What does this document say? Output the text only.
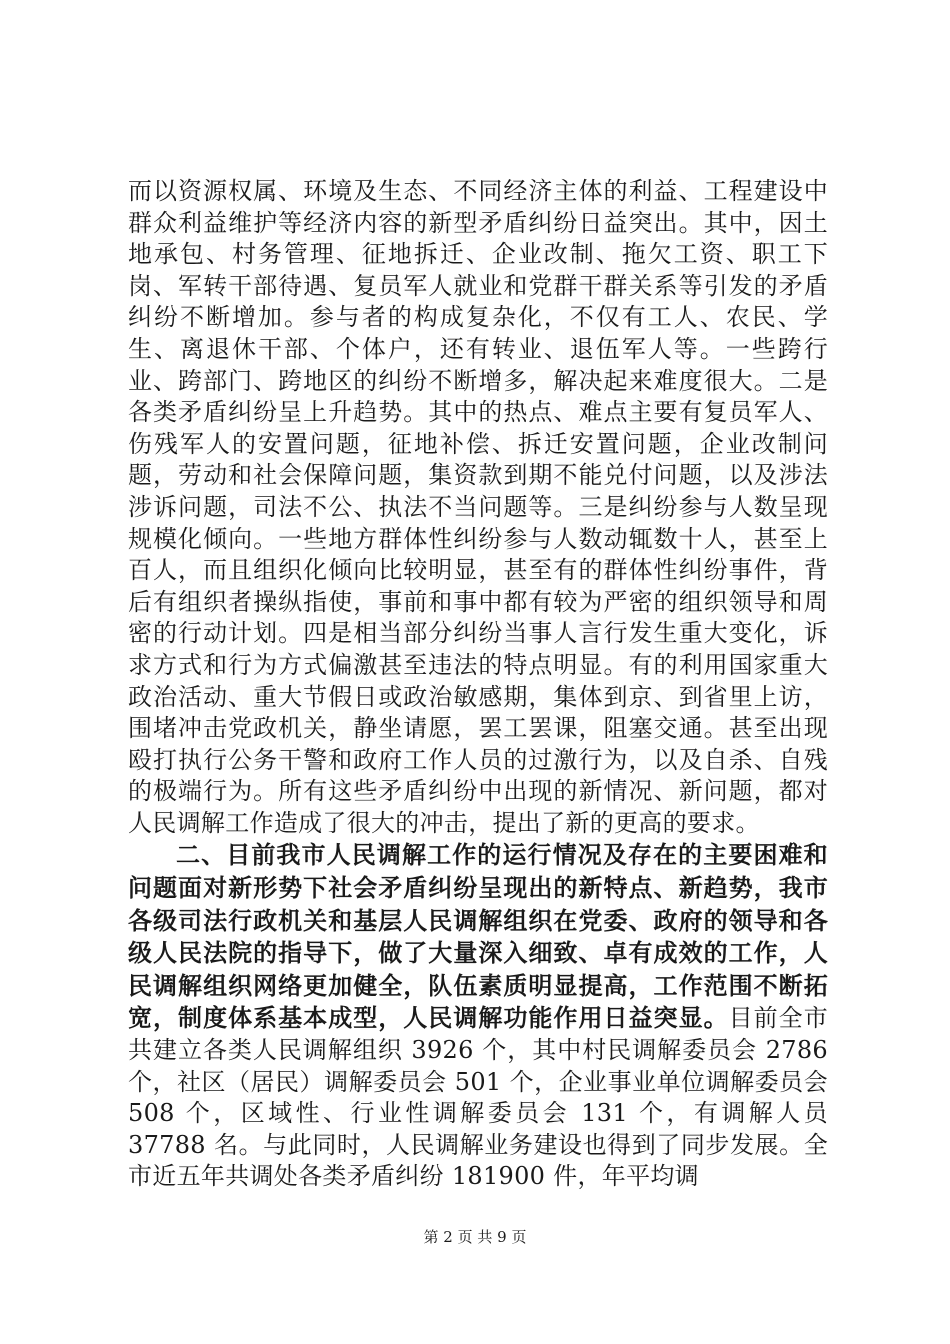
而以资源权属、环境及生态、不同经济主体的利益、工程建设中群众利益维护等经济内容的新型矛盾纠纷日益突出。其中，因土地承包、村务管理、征地拆迁、企业改制、拖欠工资、职工下岗、军转干部待遇、复员军人就业和党群干群关系等引发的矛盾纠纷不断增加。参与者的构成复杂化，不仅有工人、农民、学生、离退休干部、个体户，还有转业、退伍军人等。一些跨行业、跨部门、跨地区的纠纷不断增多，解决起来难度很大。二是各类矛盾纠纷呈上升趋势。其中的热点、难点主要有复员军人、伤残军人的安置问题，征地补偿、拆迁安置问题，企业改制问题，劳动和社会保障问题，集资款到期不能兑付问题，以及涉法涉诉问题，司法不公、执法不当问题等。三是纠纷参与人数呈现规模化倾向。一些地方群体性纠纷参与人数动辄数十人，甚至上百人，而且组织化倾向比较明显，甚至有的群体性纠纷事件，背后有组织者操纵指使，事前和事中都有较为严密的组织领导和周密的行动计划。四是相当部分纠纷当事人言行发生重大变化，诉求方式和行为方式偏激甚至违法的特点明显。有的利用国家重大政治活动、重大节假日或政治敏感期，集体到京、到省里上访，围堵冲击党政机关，静坐请愿，罢工罢课，阻塞交通。甚至出现殴打执行公务干警和政府工作人员的过激行为，以及自杀、自残的极端行为。所有这些矛盾纠纷中出现的新情况、新问题，都对人民调解工作造成了很大的冲击，提出了新的更高的要求。

二、目前我市人民调解工作的运行情况及存在的主要困难和问题面对新形势下社会矛盾纠纷呈现出的新特点、新趋势，我市各级司法行政机关和基层人民调解组织在党委、政府的领导和各级人民法院的指导下，做了大量深入细致、卓有成效的工作，人民调解组织网络更加健全，队伍素质明显提高，工作范围不断拓宽，制度体系基本成型，人民调解功能作用日益突显。目前全市共建立各类人民调解组织 3926 个，其中村民调解委员会 2786 个，社区（居民）调解委员会 501 个，企业事业单位调解委员会 508 个，区域性、行业性调解委员会 131 个，有调解人员 37788 名。与此同时，人民调解业务建设也得到了同步发展。全市近五年共调处各类矛盾纠纷 181900 件，年平均调

第 2 页 共 9 页
